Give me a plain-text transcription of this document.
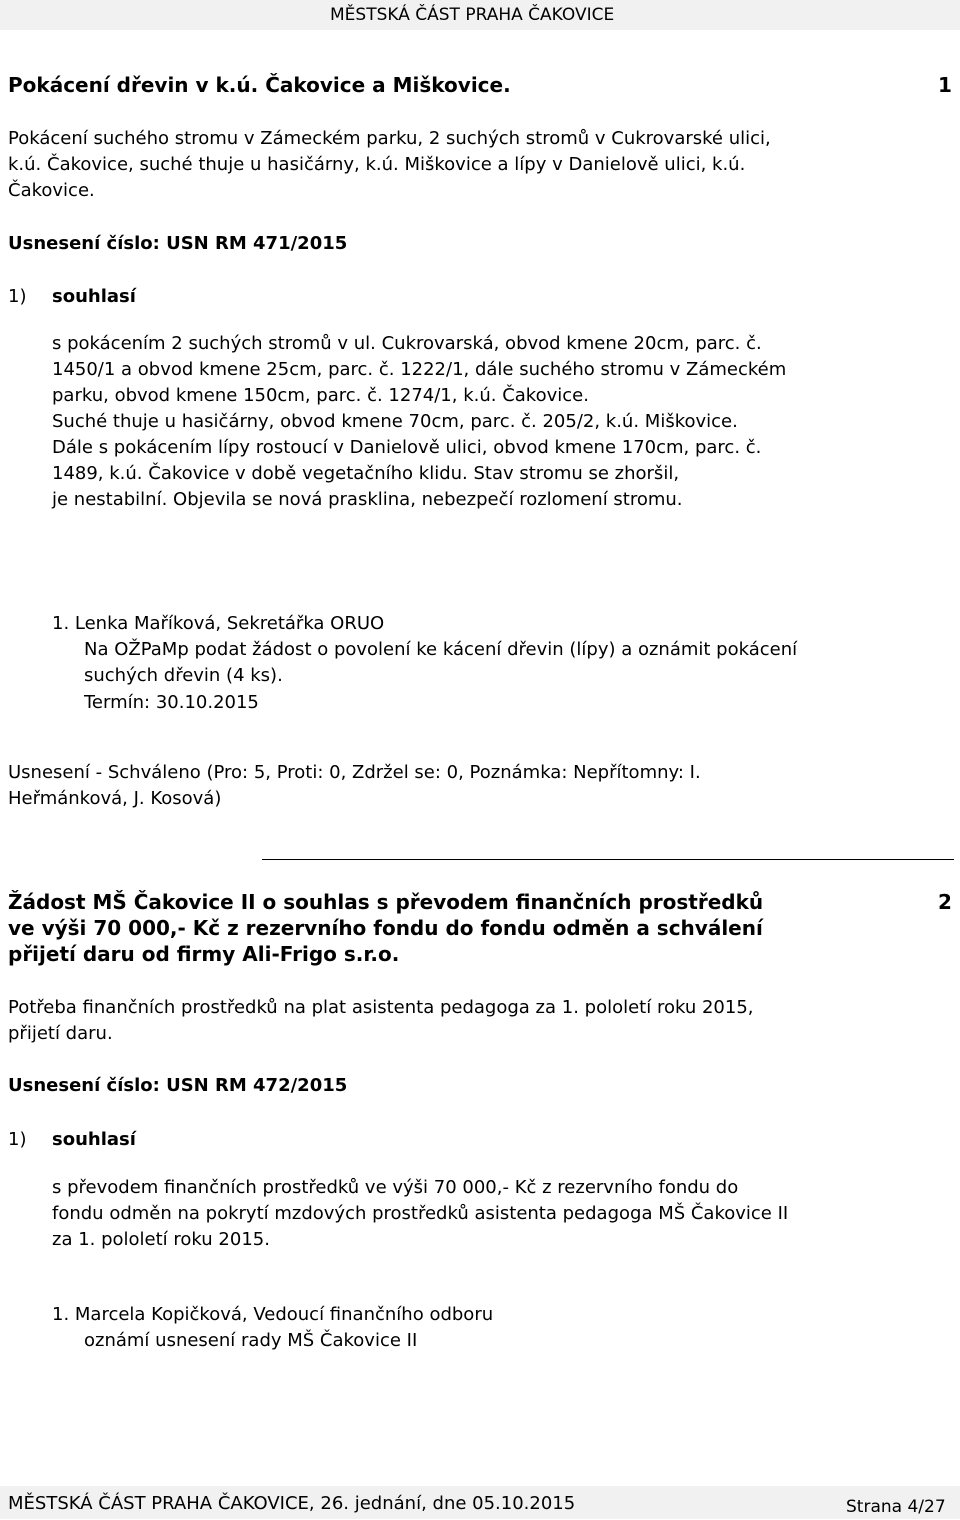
MĚSTSKÁ ČÁST PRAHA ČAKOVICE
Pokácení dřevin v k.ú. Čakovice a Miškovice.	1
Pokácení suchého stromu v Zámeckém parku, 2 suchých stromů v Cukrovarské ulici,
k.ú. Čakovice, suché thuje u hasičárny, k.ú. Miškovice a lípy v Danielově ulici, k.ú.
Čakovice.
Usnesení číslo: USN RM 471/2015
1) souhlasí
s pokácením 2 suchých stromů v ul. Cukrovarská, obvod kmene 20cm, parc. č.
1450/1 a obvod kmene 25cm, parc. č. 1222/1, dále suchého stromu v Zámeckém
parku, obvod kmene 150cm, parc. č. 1274/1, k.ú. Čakovice.
Suché thuje u hasičárny, obvod kmene 70cm, parc. č. 205/2, k.ú. Miškovice.
Dále s pokácením lípy rostoucí v Danielově ulici, obvod kmene 170cm, parc. č.
1489, k.ú. Čakovice v době vegetačního klidu. Stav stromu se zhoršil,
je nestabilní. Objevila se nová prasklina, nebezpečí rozlomení stromu.
1. Lenka Maříková, Sekretářka ORUO
Na OŽPaMp podat žádost o povolení ke kácení dřevin (lípy) a oznámit pokácení
suchých dřevin (4 ks).
Termín: 30.10.2015
Usnesení - Schváleno (Pro: 5, Proti: 0, Zdržel se: 0, Poznámka: Nepřítomny: I.
Heřmánková, J. Kosová)
Žádost MŠ Čakovice II o souhlas s převodem finančních prostředků
ve výši 70 000,- Kč z rezervního fondu do fondu odměn a schválení
přijetí daru od firmy Ali-Frigo s.r.o.
2
Potřeba finančních prostředků na plat asistenta pedagoga za 1. pololetí roku 2015,
přijetí daru.
Usnesení číslo: USN RM 472/2015
1) souhlasí
s převodem finančních prostředků ve výši 70 000,- Kč z rezervního fondu do
fondu odměn na pokrytí mzdových prostředků asistenta pedagoga MŠ Čakovice II
za 1. pololetí roku 2015.
1. Marcela Kopičková, Vedoucí finančního odboru
oznámí usnesení rady MŠ Čakovice II
MĚSTSKÁ ČÁST PRAHA ČAKOVICE, 26. jednání, dne 05.10.2015	Strana 4/27
